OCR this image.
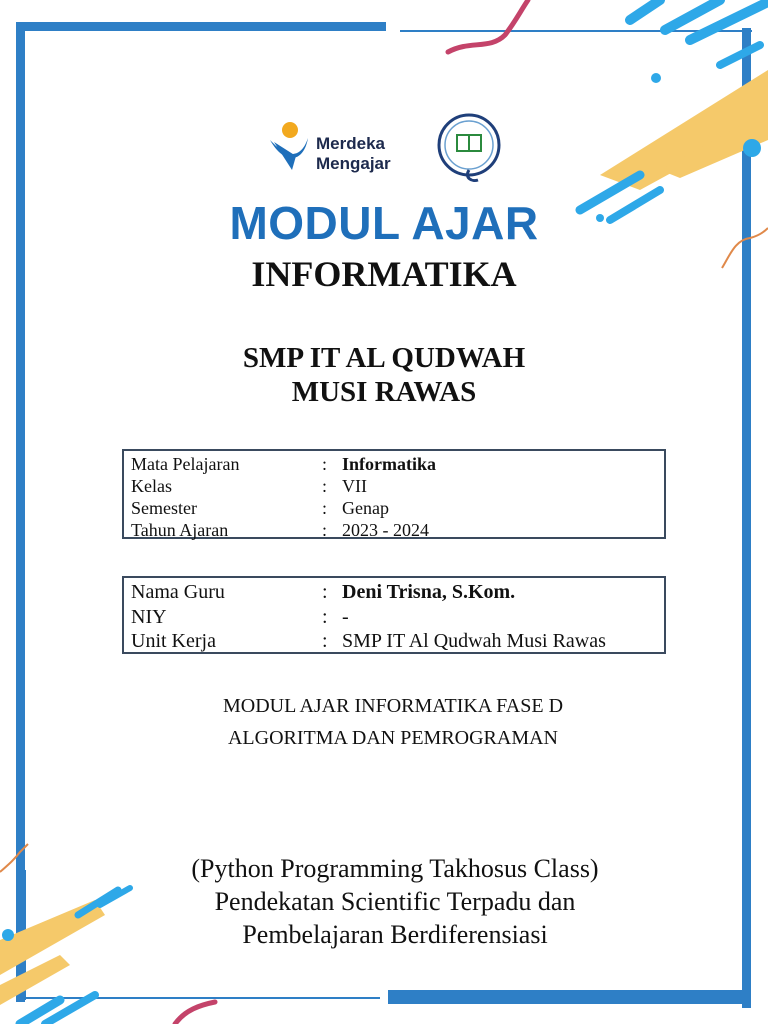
Merdeka
Mengajar
MODUL AJAR
INFORMATIKA
SMP IT AL QUDWAH
MUSI RAWAS
Mata Pelajaran	: Informatika
Kelas	: VII
Semester	: Genap
Tahun Ajaran	: 2023 - 2024
Nama Guru	: Deni Trisna, S.Kom.
NIY	: -
Unit Kerja	: SMP IT Al Qudwah Musi Rawas
MODUL AJAR INFORMATIKA FASE D
ALGORITMA DAN PEMROGRAMAN
(Python Programming Takhosus Class)
Pendekatan Scientific Terpadu dan
Pembelajaran Berdiferensiasi
